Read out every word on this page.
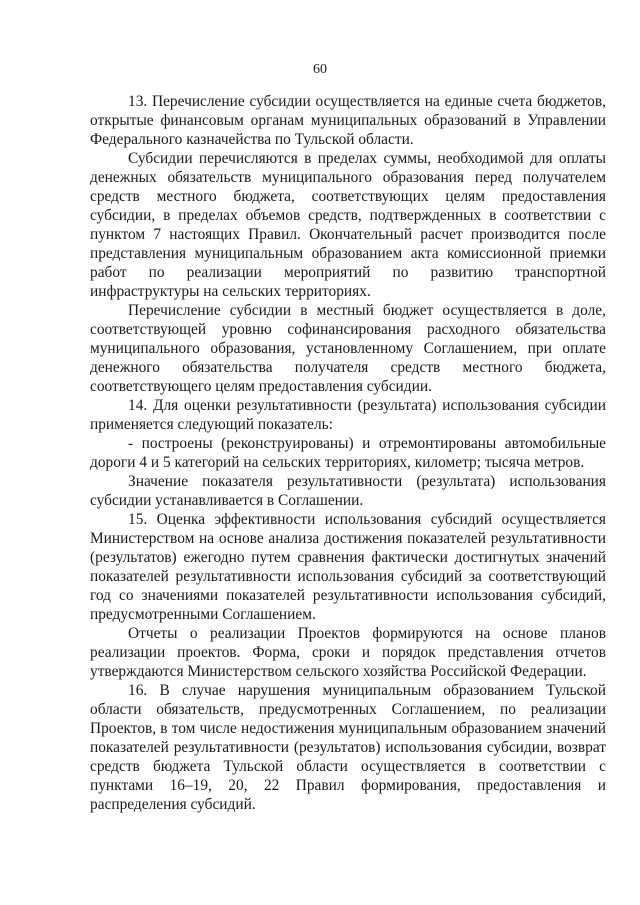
60

13. Перечисление субсидии осуществляется на единые счета бюджетов, открытые финансовым органам муниципальных образований в Управлении Федерального казначейства по Тульской области.

Субсидии перечисляются в пределах суммы, необходимой для оплаты денежных обязательств муниципального образования перед получателем средств местного бюджета, соответствующих целям предоставления субсидии, в пределах объемов средств, подтвержденных в соответствии с пунктом 7 настоящих Правил. Окончательный расчет производится после представления муниципальным образованием акта комиссионной приемки работ по реализации мероприятий по развитию транспортной инфраструктуры на сельских территориях.

Перечисление субсидии в местный бюджет осуществляется в доле, соответствующей уровню софинансирования расходного обязательства муниципального образования, установленному Соглашением, при оплате денежного обязательства получателя средств местного бюджета, соответствующего целям предоставления субсидии.

14. Для оценки результативности (результата) использования субсидии применяется следующий показатель:

- построены (реконструированы) и отремонтированы автомобильные дороги 4 и 5 категорий на сельских территориях, километр; тысяча метров.

Значение показателя результативности (результата) использования субсидии устанавливается в Соглашении.

15. Оценка эффективности использования субсидий осуществляется Министерством на основе анализа достижения показателей результативности (результатов) ежегодно путем сравнения фактически достигнутых значений показателей результативности использования субсидий за соответствующий год со значениями показателей результативности использования субсидий, предусмотренными Соглашением.

Отчеты о реализации Проектов формируются на основе планов реализации проектов. Форма, сроки и порядок представления отчетов утверждаются Министерством сельского хозяйства Российской Федерации.

16. В случае нарушения муниципальным образованием Тульской области обязательств, предусмотренных Соглашением, по реализации Проектов, в том числе недостижения муниципальным образованием значений показателей результативности (результатов) использования субсидии, возврат средств бюджета Тульской области осуществляется в соответствии с пунктами 16–19, 20, 22 Правил формирования, предоставления и распределения субсидий.
